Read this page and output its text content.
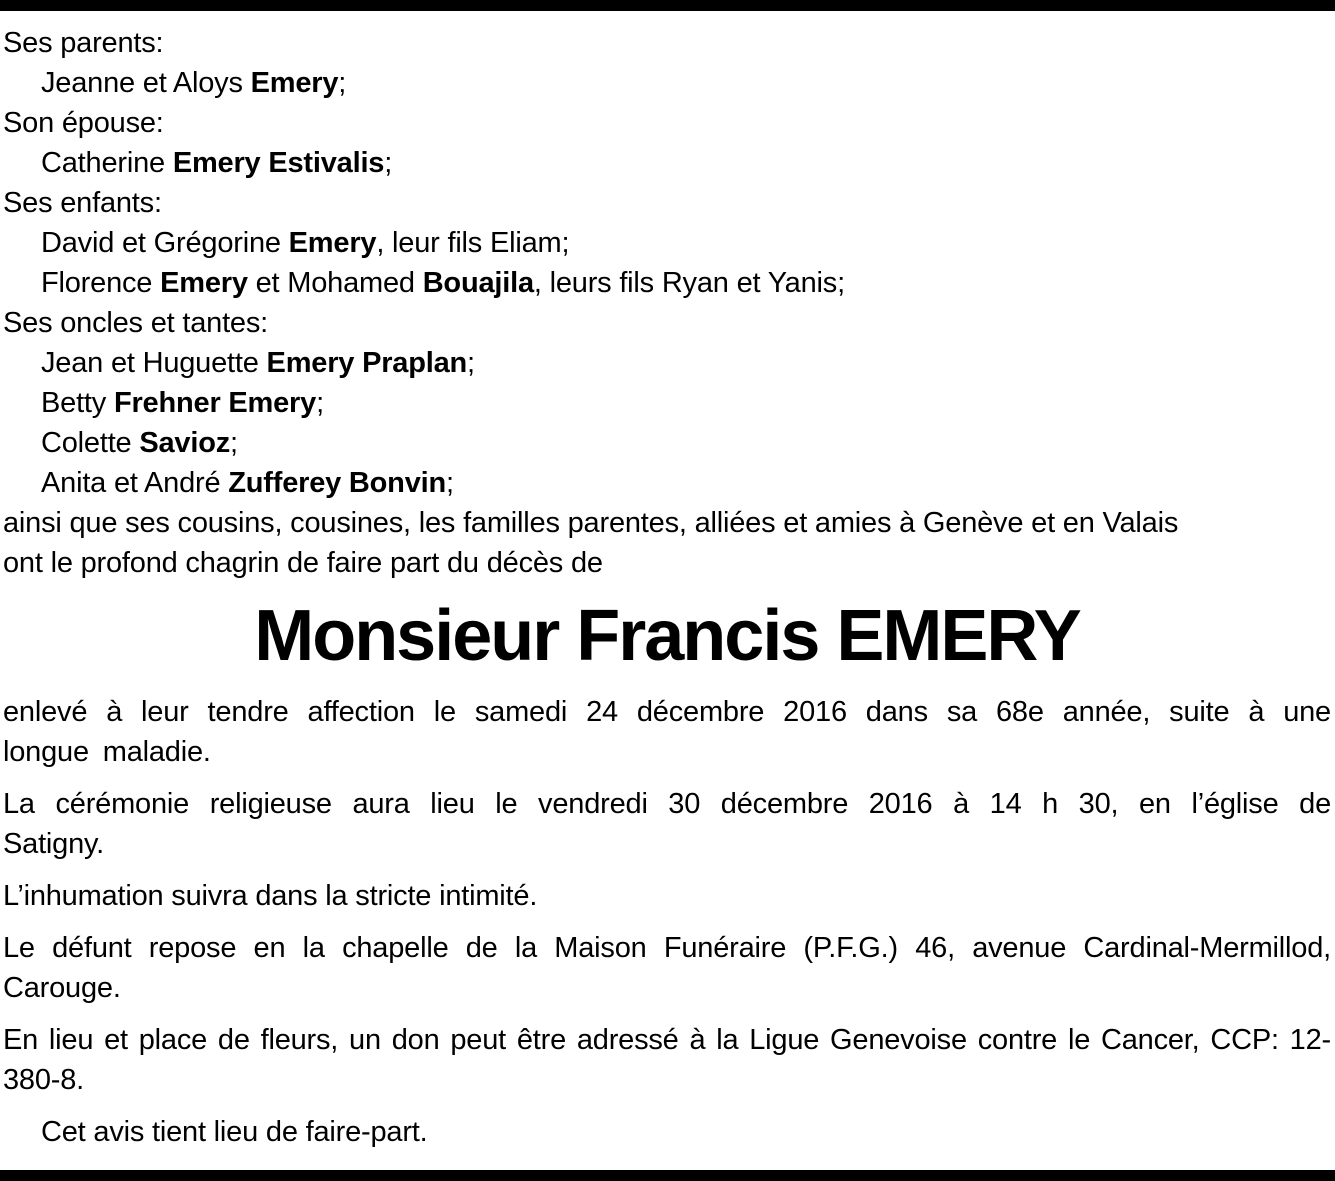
Ses parents:
Jeanne et Aloys Emery;
Son épouse:
Catherine Emery Estivalis;
Ses enfants:
David et Grégorine Emery, leur fils Eliam;
Florence Emery et Mohamed Bouajila, leurs fils Ryan et Yanis;
Ses oncles et tantes:
Jean et Huguette Emery Praplan;
Betty Frehner Emery;
Colette Savioz;
Anita et André Zufferey Bonvin;
ainsi que ses cousins, cousines, les familles parentes, alliées et amies à Genève et en Valais
ont le profond chagrin de faire part du décès de
Monsieur Francis EMERY

enlevé à leur tendre affection le samedi 24 décembre 2016 dans sa 68e année, suite à une longue maladie.

La cérémonie religieuse aura lieu le vendredi 30 décembre 2016 à 14 h 30, en l’église de Satigny.

L’inhumation suivra dans la stricte intimité.

Le défunt repose en la chapelle de la Maison Funéraire (P.F.G.) 46, avenue Cardinal-Mermillod, Carouge.

En lieu et place de fleurs, un don peut être adressé à la Ligue Genevoise contre le Cancer, CCP: 12-380-8.

Cet avis tient lieu de faire-part.
